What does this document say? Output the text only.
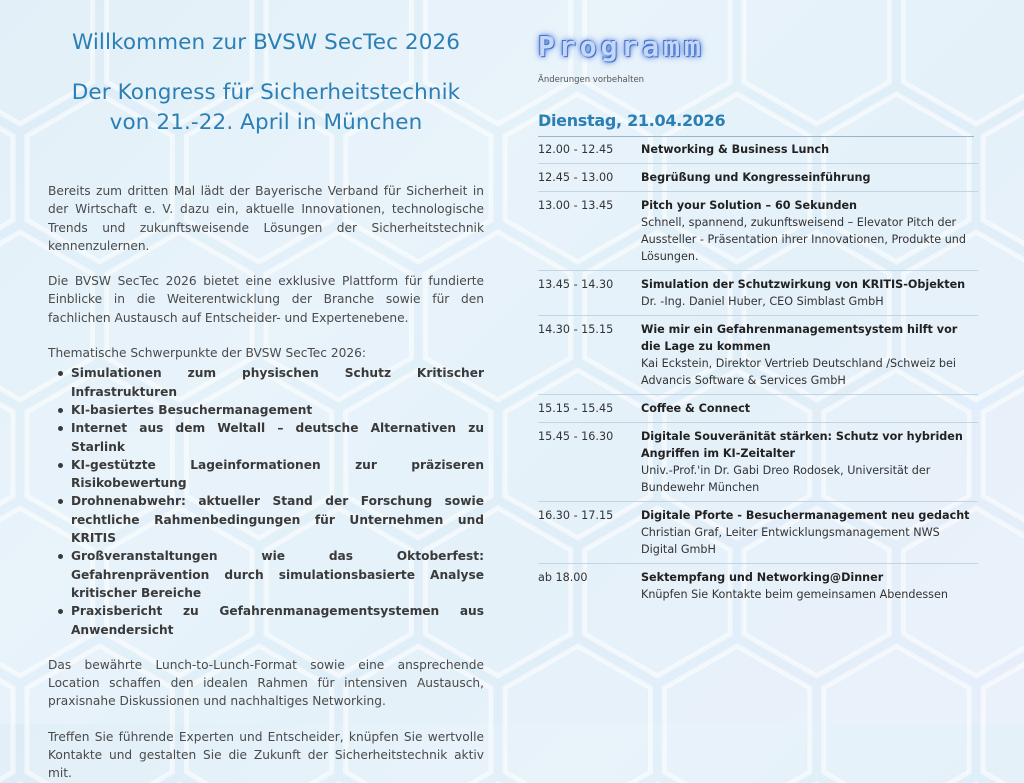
Willkommen zur BVSW SecTec 2026
Der Kongress für Sicherheitstechnik
von 21.-22. April in München

Bereits zum dritten Mal lädt der Bayerische Verband für Sicherheit in der Wirtschaft e. V. dazu ein, aktuelle Innovationen, technologische Trends und zukunftsweisende Lösungen der Sicherheitstechnik kennenzulernen.

Die BVSW SecTec 2026 bietet eine exklusive Plattform für fundierte Einblicke in die Weiterentwicklung der Branche sowie für den fachlichen Austausch auf Entscheider- und Expertenebene.

Thematische Schwerpunkte der BVSW SecTec 2026:

Simulationen zum physischen Schutz Kritischer Infrastrukturen
KI-basiertes Besuchermanagement
Internet aus dem Weltall – deutsche Alternativen zu Starlink
KI-gestützte Lageinformationen zur präziseren Risikobewertung
Drohnenabwehr: aktueller Stand der Forschung sowie rechtliche Rahmenbedingungen für Unternehmen und KRITIS
Großveranstaltungen wie das Oktoberfest: Gefahrenprävention durch simulationsbasierte Analyse kritischer Bereiche
Praxisbericht zu Gefahrenmanagementsystemen aus Anwendersicht

Das bewährte Lunch-to-Lunch-Format sowie eine ansprechende Location schaffen den idealen Rahmen für intensiven Austausch, praxisnahe Diskussionen und nachhaltiges Networking.

Treffen Sie führende Experten und Entscheider, knüpfen Sie wertvolle Kontakte und gestalten Sie die Zukunft der Sicherheitstechnik aktiv mit.

Programm
Änderungen vorbehalten
Dienstag, 21.04.2026
12.00 - 12.45	Networking & Business Lunch
12.45 - 13.00	Begrüßung und Kongresseinführung
13.00 - 13.45	Pitch your Solution – 60 Sekunden
Schnell, spannend, zukunftsweisend – Elevator Pitch der Aussteller - Präsentation ihrer Innovationen, Produkte und Lösungen.
13.45 - 14.30	Simulation der Schutzwirkung von KRITIS-Objekten
Dr. -Ing. Daniel Huber, CEO Simblast GmbH
14.30 - 15.15	Wie mir ein Gefahrenmanagementsystem hilft vor die Lage zu kommen
Kai Eckstein, Direktor Vertrieb Deutschland /Schweiz bei Advancis Software & Services GmbH
15.15 - 15.45	Coffee & Connect
15.45 - 16.30	Digitale Souveränität stärken: Schutz vor hybriden Angriffen im KI-Zeitalter
Univ.-Prof.'in Dr. Gabi Dreo Rodosek, Universität der Bundewehr München
16.30 - 17.15	Digitale Pforte - Besuchermanagement neu gedacht
Christian Graf, Leiter Entwicklungsmanagement NWS Digital GmbH
ab 18.00	Sektempfang und Networking@Dinner
Knüpfen Sie Kontakte beim gemeinsamen Abendessen
